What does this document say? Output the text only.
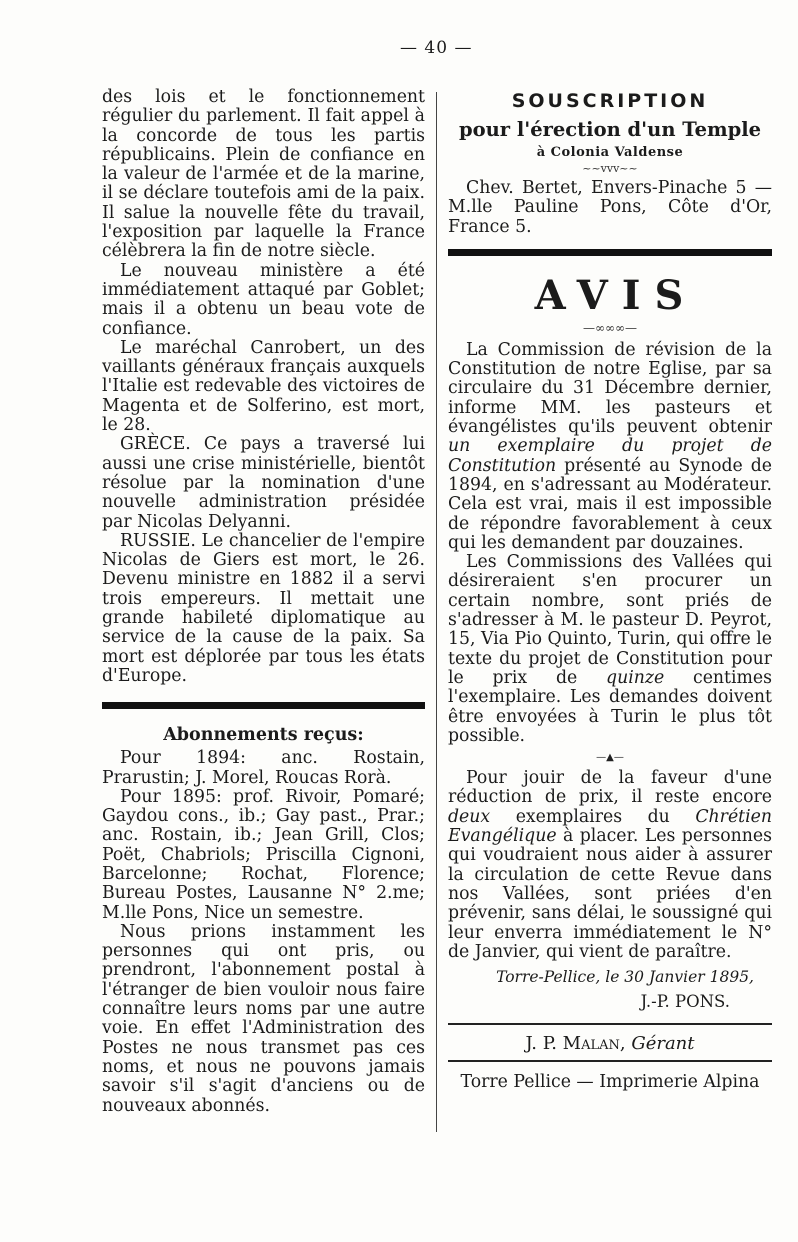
— 40 —

des lois et le fonctionnement régulier du parlement. Il fait appel à la concorde de tous les partis républicains. Plein de confiance en la valeur de l'armée et de la marine, il se déclare toutefois ami de la paix. Il salue la nouvelle fête du travail, l'exposition par laquelle la France célèbrera la fin de notre siècle.

Le nouveau ministère a été immédiatement attaqué par Goblet; mais il a obtenu un beau vote de confiance.

Le maréchal Canrobert, un des vaillants généraux français auxquels l'Italie est redevable des victoires de Magenta et de Solferino, est mort, le 28.

GRÈCE. Ce pays a traversé lui aussi une crise ministérielle, bientôt résolue par la nomination d'une nouvelle administration présidée par Nicolas Delyanni.

RUSSIE. Le chancelier de l'empire Nicolas de Giers est mort, le 26. Devenu ministre en 1882 il a servi trois empereurs. Il mettait une grande habileté diplomatique au service de la cause de la paix. Sa mort est déplorée par tous les états d'Europe.

Abonnements reçus:

Pour 1894: anc. Rostain, Prarustin; J. Morel, Roucas Rorà.

Pour 1895: prof. Rivoir, Pomaré; Gaydou cons., ib.; Gay past., Prar.; anc. Rostain, ib.; Jean Grill, Clos; Poët, Chabriols; Priscilla Cignoni, Barcelonne; Rochat, Florence; Bureau Postes, Lausanne N° 2.me; M.lle Pons, Nice un semestre.

Nous prions instamment les personnes qui ont pris, ou prendront, l'abonnement postal à l'étranger de bien vouloir nous faire connaître leurs noms par une autre voie. En effet l'Administration des Postes ne nous transmet pas ces noms, et nous ne pouvons jamais savoir s'il s'agit d'anciens ou de nouveaux abonnés.

SOUSCRIPTION
pour l'érection d'un Temple
à Colonia Valdense
~~vvv~~

Chev. Bertet, Envers-Pinache 5 — M.lle Pauline Pons, Côte d'Or, France 5.

AVIS
—∞∞∞—

La Commission de révision de la Constitution de notre Eglise, par sa circulaire du 31 Décembre dernier, informe MM. les pasteurs et évangélistes qu'ils peuvent obtenir un exemplaire du projet de Constitution présenté au Synode de 1894, en s'adressant au Modérateur. Cela est vrai, mais il est impossible de répondre favorablement à ceux qui les demandent par douzaines.

Les Commissions des Vallées qui désireraient s'en procurer un certain nombre, sont priés de s'adresser à M. le pasteur D. Peyrot, 15, Via Pio Quinto, Turin, qui offre le texte du projet de Constitution pour le prix de quinze centimes l'exemplaire. Les demandes doivent être envoyées à Turin le plus tôt possible.

—▲—

Pour jouir de la faveur d'une réduction de prix, il reste encore deux exemplaires du Chrétien Evangélique à placer. Les personnes qui voudraient nous aider à assurer la circulation de cette Revue dans nos Vallées, sont priées d'en prévenir, sans délai, le soussigné qui leur enverra immédiatement le N° de Janvier, qui vient de paraître.

Torre-Pellice, le 30 Janvier 1895,
J.-P. PONS.
J. P. Malan, Gérant
Torre Pellice — Imprimerie Alpina
